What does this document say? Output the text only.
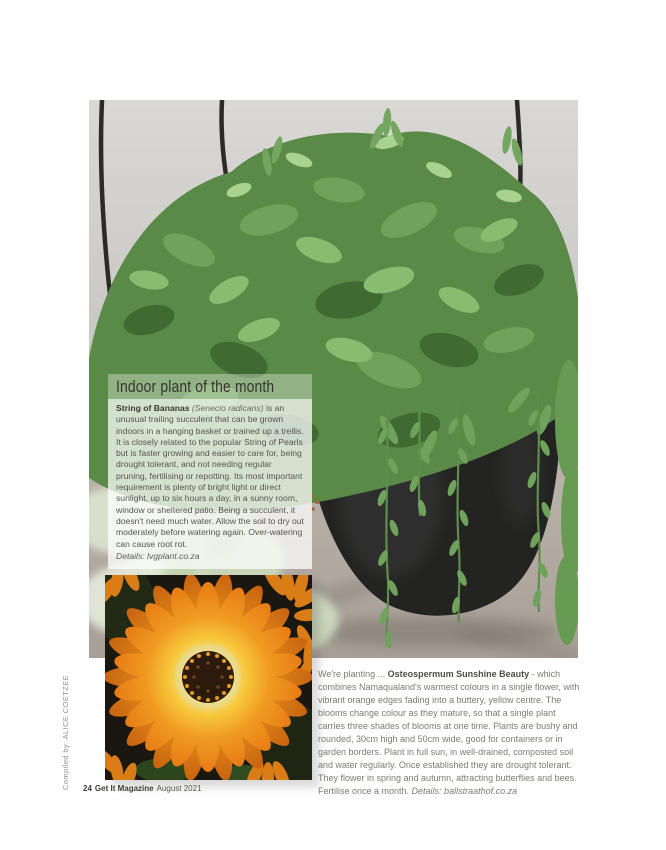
Indoor plant of the month
String of Bananas (Senecio radicans) is an unusual trailing succulent that can be grown indoors in a hanging basket or trained up a trellis. It is closely related to the popular String of Pearls but is faster growing and easier to care for, being drought tolerant, and not needing regular pruning, fertilising or repotting. Its most important requirement is plenty of bright light or direct sunlight, up to six hours a day, in a sunny room, window or sheltered patio. Being a succulent, it doesn't need much water. Allow the soil to dry out moderately before watering again. Over-watering can cause root rot.
Details: lvgplant.co.za

We're planting ... Osteospermum Sunshine Beauty - which combines Namaqualand's warmest colours in a single flower, with vibrant orange edges fading into a buttery, yellow centre. The blooms change colour as they mature, so that a single plant carries three shades of blooms at one time. Plants are bushy and rounded, 30cm high and 50cm wide, good for containers or in garden borders. Plant in full sun, in well-drained, composted soil and water regularly. Once established they are drought tolerant. They flower in spring and autumn, attracting butterflies and bees. Fertilise once a month. Details: ballstraathof.co.za

Compiled by: ALICE COETZEE	24 Get It Magazine August 2021
